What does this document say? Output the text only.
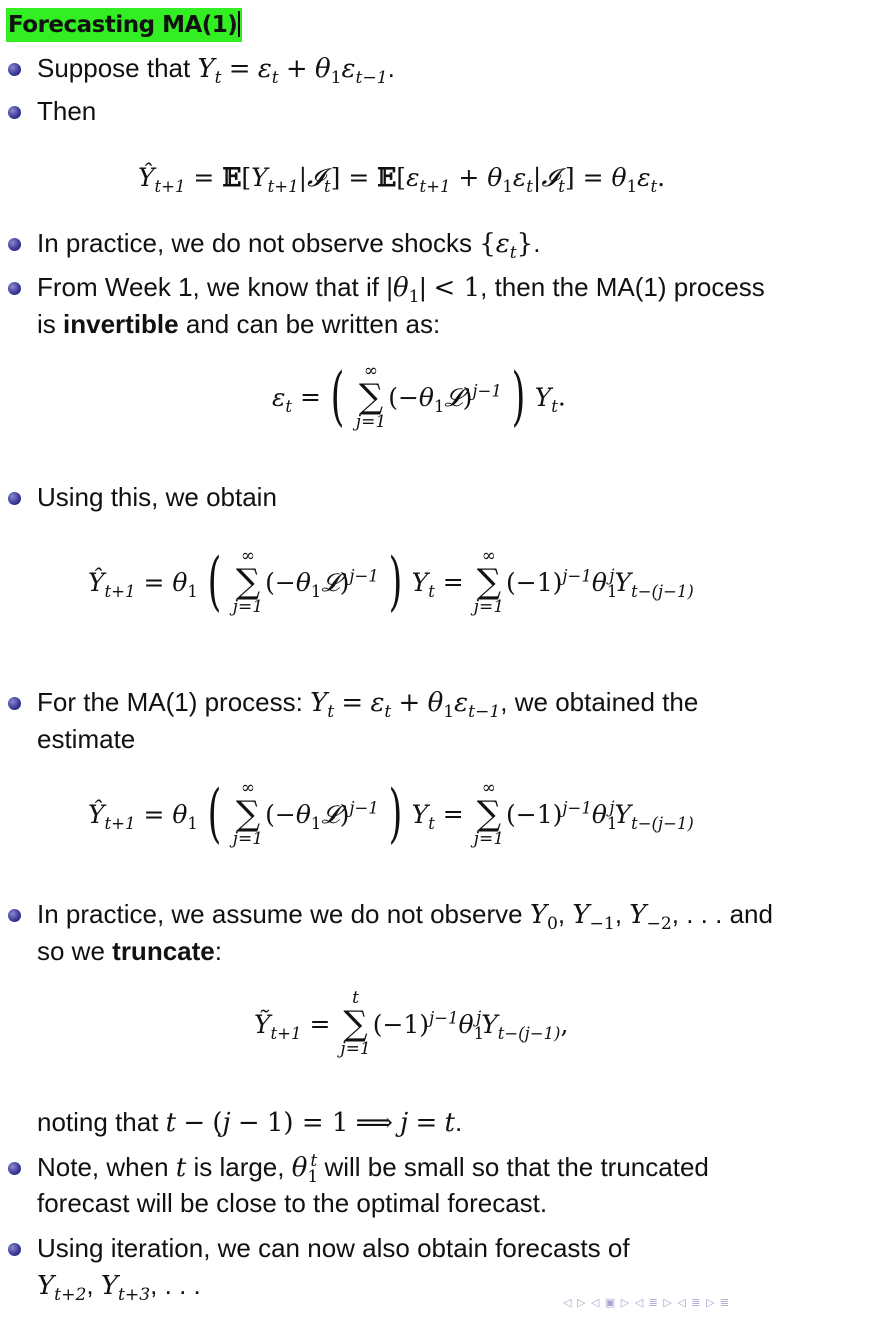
Forecasting MA(1)
Suppose that $Y_t = \varepsilon_t + \theta_1\varepsilon_{t-1}$.
Then
$Ŷ_{t+1}$ = $𝔼[Y_{t+1}|𝓘_t]$ = $𝔼[\varepsilon_{t+1}$ + $\theta_1\varepsilon_t|𝓘_t] = \theta_1\varepsilon_t$.
In practice, we do not observe shocks $\{\varepsilon_t\}$.
From Week 1, we know that if $|\theta_1| < 1$, then the MA(1) process
is invertible and can be written as:
$\varepsilon_t$ = (	∞
∑
j=1
$(-\theta_1𝓛)^{j-1}$ ) $Y_t$.
Using this, we obtain
$Ŷ_{t+1} = \theta_1$ (	∞
∑
j=1
$(-\theta_1𝓛)^{j-1}$ ) $Y_t$ =
∞
∑
j=1
$(-1)^{j-1}\theta_1^jY_{t-(j-1)}$
For the MA(1) process: $Y_t = \varepsilon_t + \theta_1\varepsilon_{t-1}$, we obtained the
estimate
$Ŷ_{t+1} = \theta_1$ (	∞
∑
j=1
$(-\theta_1𝓛)^{j-1}$ ) $Y_t$ =
∞
∑
j=1
$(-1)^{j-1}\theta_1^jY_{t-(j-1)}$
In practice, we assume we do not observe $Y_0$, $Y_{-1}$, $Y_{-2}$, . . . and
so we truncate:
Ỹ$_{t+1}$ =
t
∑
j=1
$(-1)^{j-1}\theta_1^jY_{t-(j-1)}$,
noting that t − (j − 1) = 1 ⟹ j = t.
Note, when t is large, $\theta_1^t$ will be small so that the truncated
forecast will be close to the optimal forecast.
Using iteration, we can now also obtain forecasts of
$Y_{t+2}$, $Y_{t+3}$, . . .
◁ ▷ ◁ ▣ ▷ ◁ ≣ ▷ ◁ ≣ ▷ ≣
